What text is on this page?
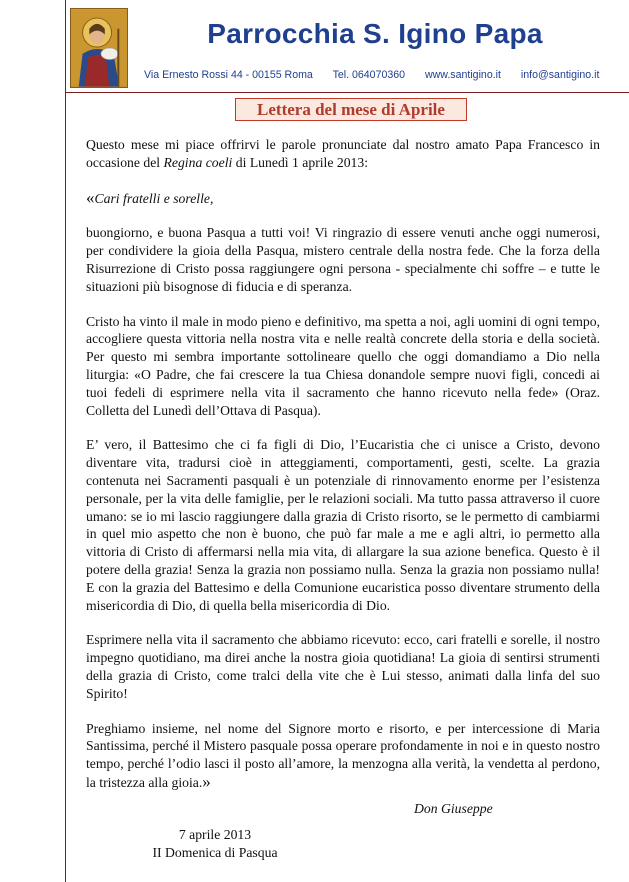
Parrocchia S. Igino Papa
Via Ernesto Rossi 44 - 00155 Roma Tel. 064070360 www.santigino.it info@santigino.it
Lettera del mese di Aprile

Questo mese mi piace offrirvi le parole pronunciate dal nostro amato Papa Francesco in occasione del Regina coeli di Lunedì 1 aprile 2013:

«Cari fratelli e sorelle,

buongiorno, e buona Pasqua a tutti voi! Vi ringrazio di essere venuti anche oggi numerosi, per condividere la gioia della Pasqua, mistero centrale della nostra fede. Che la forza della Risurrezione di Cristo possa raggiungere ogni persona - specialmente chi soffre – e tutte le situazioni più bisognose di fiducia e di speranza.

Cristo ha vinto il male in modo pieno e definitivo, ma spetta a noi, agli uomini di ogni tempo, accogliere questa vittoria nella nostra vita e nelle realtà concrete della storia e della società. Per questo mi sembra importante sottolineare quello che oggi domandiamo a Dio nella liturgia: «O Padre, che fai crescere la tua Chiesa donandole sempre nuovi figli, concedi ai tuoi fedeli di esprimere nella vita il sacramento che hanno ricevuto nella fede» (Oraz. Colletta del Lunedì dell’Ottava di Pasqua).

E’ vero, il Battesimo che ci fa figli di Dio, l’Eucaristia che ci unisce a Cristo, devono diventare vita, tradursi cioè in atteggiamenti, comportamenti, gesti, scelte. La grazia contenuta nei Sacramenti pasquali è un potenziale di rinnovamento enorme per l’esistenza personale, per la vita delle famiglie, per le relazioni sociali. Ma tutto passa attraverso il cuore umano: se io mi lascio raggiungere dalla grazia di Cristo risorto, se le permetto di cambiarmi in quel mio aspetto che non è buono, che può far male a me e agli altri, io permetto alla vittoria di Cristo di affermarsi nella mia vita, di allargare la sua azione benefica. Questo è il potere della grazia! Senza la grazia non possiamo nulla. Senza la grazia non possiamo nulla! E con la grazia del Battesimo e della Comunione eucaristica posso diventare strumento della misericordia di Dio, di quella bella misericordia di Dio.

Esprimere nella vita il sacramento che abbiamo ricevuto: ecco, cari fratelli e sorelle, il nostro impegno quotidiano, ma direi anche la nostra gioia quotidiana! La gioia di sentirsi strumenti della grazia di Cristo, come tralci della vite che è Lui stesso, animati dalla linfa del suo Spirito!

Preghiamo insieme, nel nome del Signore morto e risorto, e per intercessione di Maria Santissima, perché il Mistero pasquale possa operare profondamente in noi e in questo nostro tempo, perché l’odio lasci il posto all’amore, la menzogna alla verità, la vendetta al perdono, la tristezza alla gioia.»

Don Giuseppe
7 aprile 2013
II Domenica di Pasqua
